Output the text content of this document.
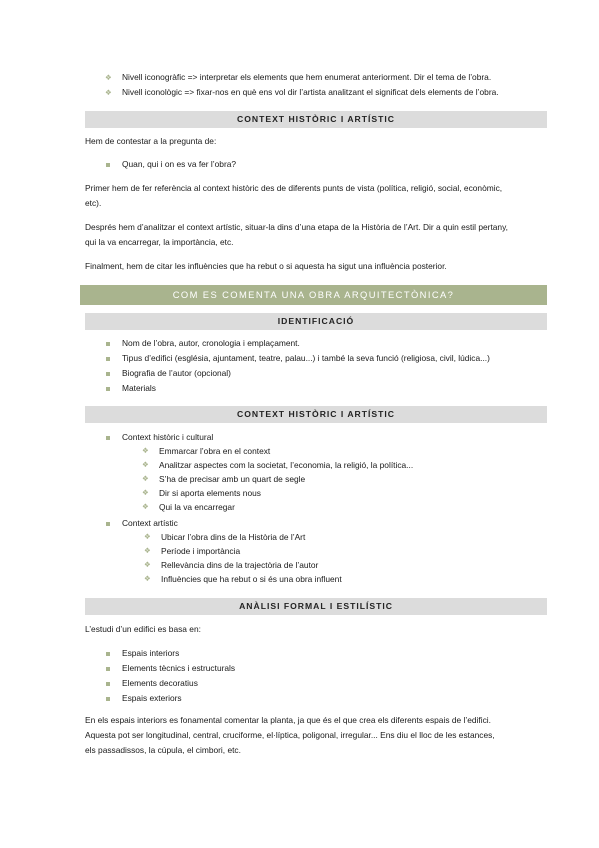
❖ Nivell iconogràfic => interpretar els elements que hem enumerat anteriorment. Dir el tema de l’obra.
❖ Nivell iconològic => fixar-nos en què ens vol dir l’artista analitzant el significat dels elements de l’obra.
CONTEXT HISTÒRIC I ARTÍSTIC

Hem de contestar a la pregunta de:

Quan, qui i on es va fer l’obra?

Primer hem de fer referència al context històric des de diferents punts de vista (política, religió, social, econòmic,

etc).

Després hem d’analitzar el context artístic, situar-la dins d’una etapa de la Història de l’Art. Dir a quin estil pertany,

qui la va encarregar, la importància, etc.

Finalment, hem de citar les influències que ha rebut o si aquesta ha sigut una influència posterior.

COM ES COMENTA UNA OBRA ARQUITECTÒNICA?
IDENTIFICACIÓ
Nom de l’obra, autor, cronologia i emplaçament.
Tipus d’edifici (església, ajuntament, teatre, palau...) i també la seva funció (religiosa, civil, lúdica...)
Biografia de l’autor (opcional)
Materials
CONTEXT HISTÒRIC I ARTÍSTIC
Context històric i cultural
❖ Emmarcar l’obra en el context
❖ Analitzar aspectes com la societat, l’economia, la religió, la política...
❖ S’ha de precisar amb un quart de segle
❖ Dir si aporta elements nous
❖ Qui la va encarregar
Context artístic
❖ Ubicar l’obra dins de la Història de l’Art
❖ Període i importància
❖ Rellevància dins de la trajectòria de l’autor
❖ Influències que ha rebut o si és una obra influent
ANÀLISI FORMAL I ESTILÍSTIC

L’estudi d’un edifici es basa en:

Espais interiors
Elements tècnics i estructurals
Elements decoratius
Espais exteriors

En els espais interiors es fonamental comentar la planta, ja que és el que crea els diferents espais de l’edifici.

Aquesta pot ser longitudinal, central, cruciforme, el·líptica, poligonal, irregular... Ens diu el lloc de les estances,

els passadissos, la cúpula, el cimbori, etc.
